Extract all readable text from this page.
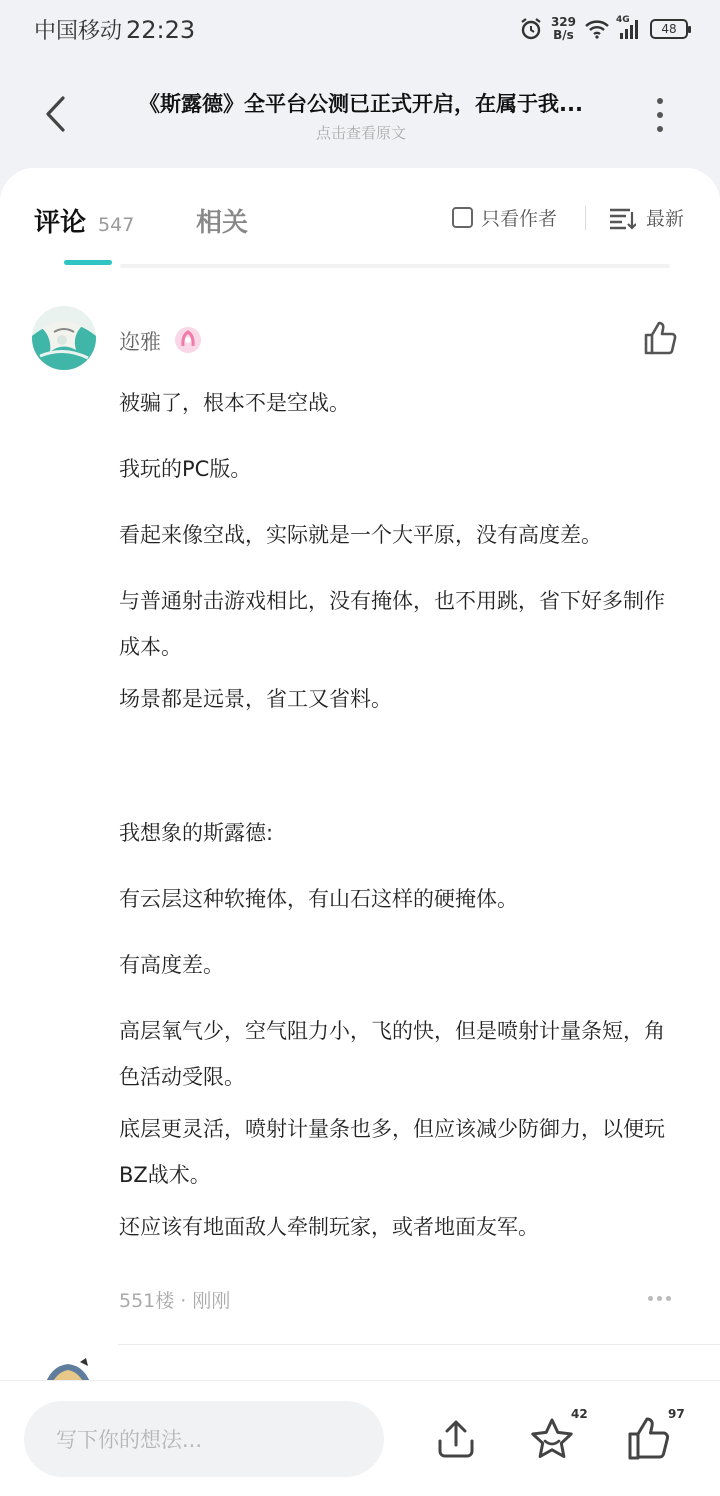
中国移动 22:23	329
B/s
4G
48
《斯露德》全平台公测已正式开启，在属于我...
点击查看原文
评论 547 相关	只看作者	最新
迩雅
被骗了，根本不是空战。
我玩的PC版。
看起来像空战，实际就是一个大平原，没有高度差。
与普通射击游戏相比，没有掩体，也不用跳，省下好多制作成本。
场景都是远景，省工又省料。
我想象的斯露德:
有云层这种软掩体，有山石这样的硬掩体。
有高度差。
高层氧气少，空气阻力小，飞的快，但是喷射计量条短，角色活动受限。
底层更灵活，喷射计量条也多，但应该减少防御力，以便玩BZ战术。
还应该有地面敌人牵制玩家，或者地面友军。
551楼 · 刚刚
写下你的想法...
42	97
